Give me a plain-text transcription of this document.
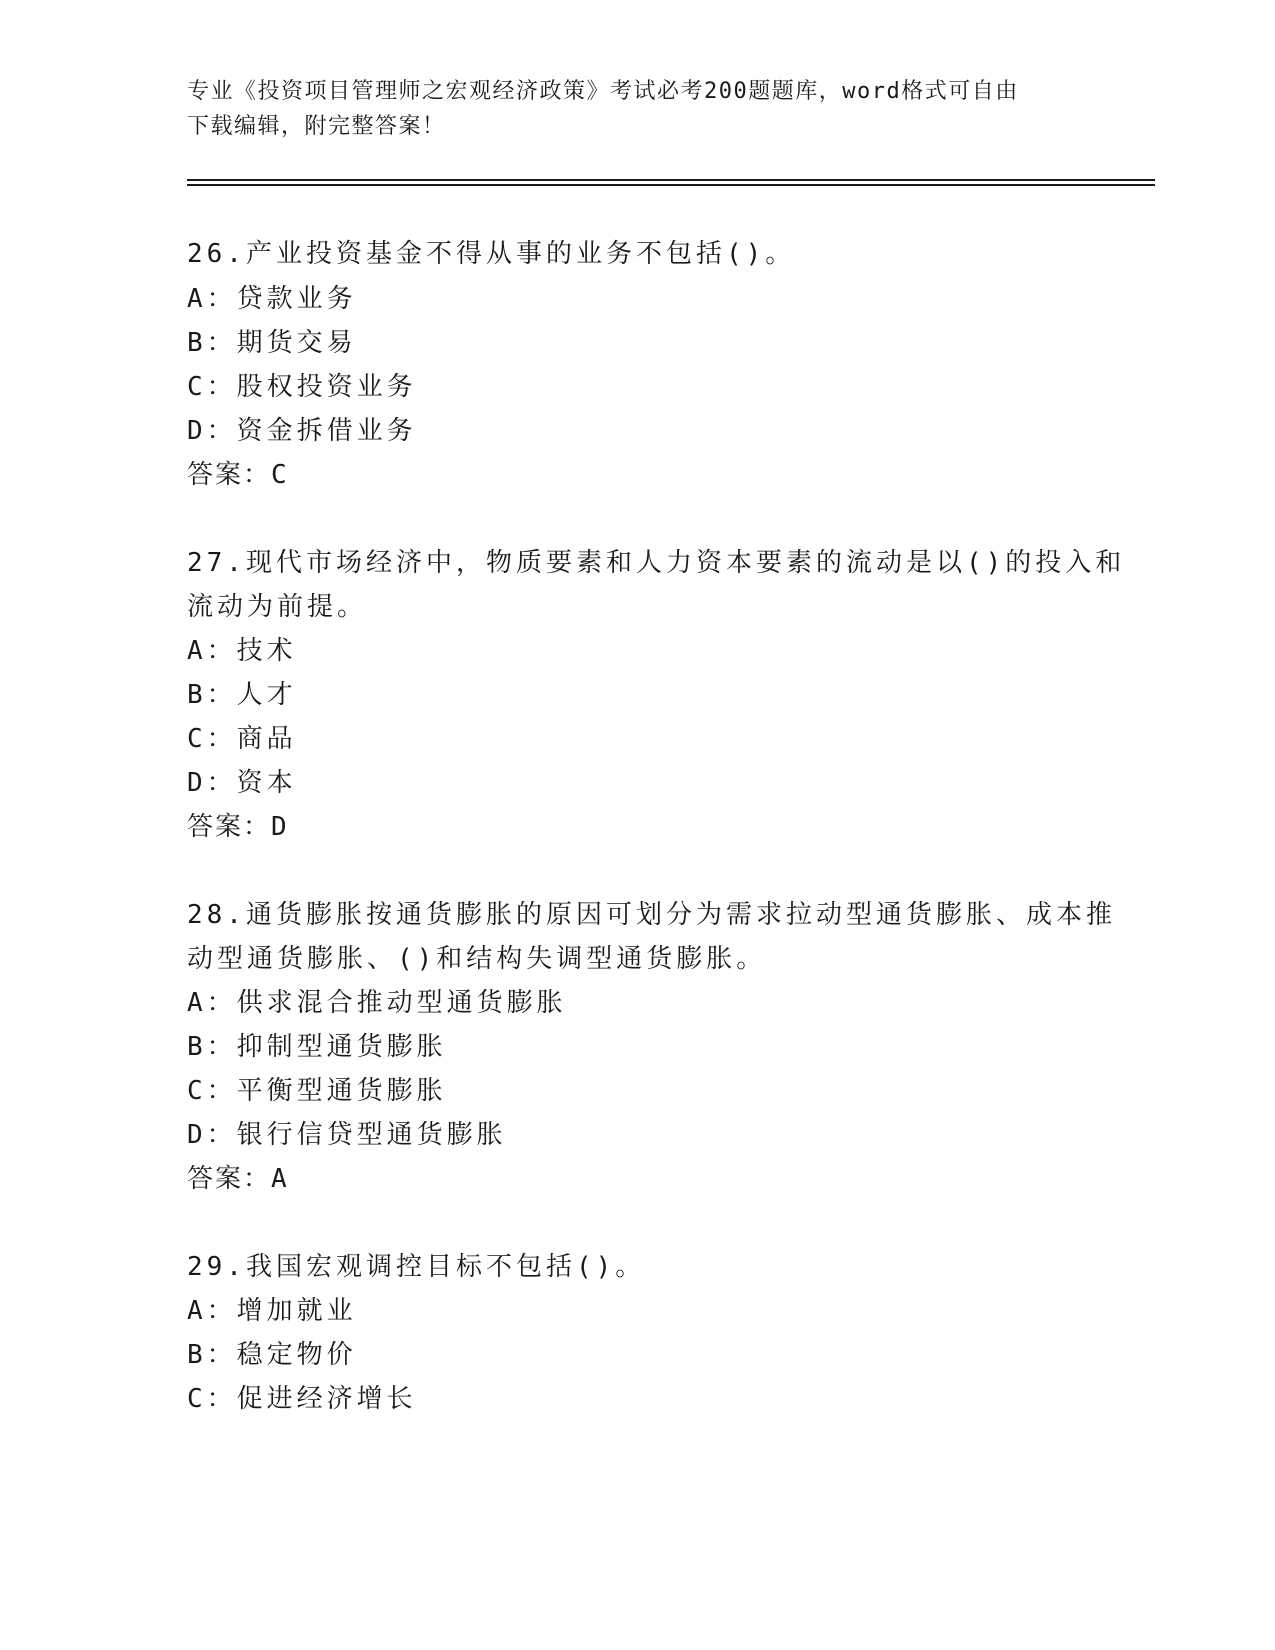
专业《投资项目管理师之宏观经济政策》考试必考200题题库，word格式可自由
下载编辑，附完整答案！
26.产业投资基金不得从事的业务不包括()。
A：贷款业务
B：期货交易
C：股权投资业务
D：资金拆借业务
答案：C
27.现代市场经济中，物质要素和人力资本要素的流动是以()的投入和
流动为前提。
A：技术
B：人才
C：商品
D：资本
答案：D
28.通货膨胀按通货膨胀的原因可划分为需求拉动型通货膨胀、成本推
动型通货膨胀、()和结构失调型通货膨胀。
A：供求混合推动型通货膨胀
B：抑制型通货膨胀
C：平衡型通货膨胀
D：银行信贷型通货膨胀
答案：A
29.我国宏观调控目标不包括()。
A：增加就业
B：稳定物价
C：促进经济增长
